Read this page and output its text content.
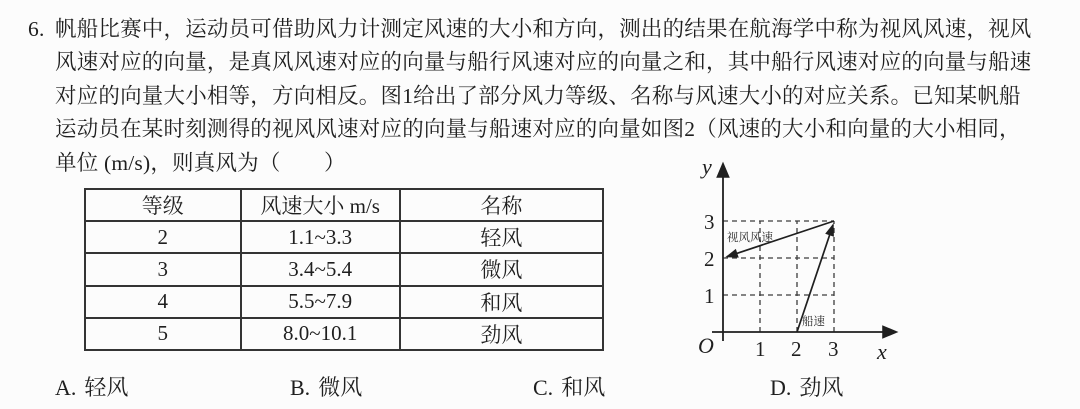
6. 帆船比赛中，运动员可借助风力计测定风速的大小和方向，测出的结果在航海学中称为视风风速，视风
风速对应的向量，是真风风速对应的向量与船行风速对应的向量之和，其中船行风速对应的向量与船速
对应的向量大小相等，方向相反。图1给出了部分风力等级、名称与风速大小的对应关系。已知某帆船
运动员在某时刻测得的视风风速对应的向量与船速对应的向量如图2（风速的大小和向量的大小相同，
单位 (m/s)，则真风为（　　）
等级	风速大小 m/s	名称
2	1.1~3.3	轻风
3	3.4~5.4	微风
4	5.5~7.9	和风
5	8.0~10.1	劲风
y
x
O 1 2 3
3
2
1
视风风速
船速
A. 轻风	B. 微风	C. 和风	D. 劲风
